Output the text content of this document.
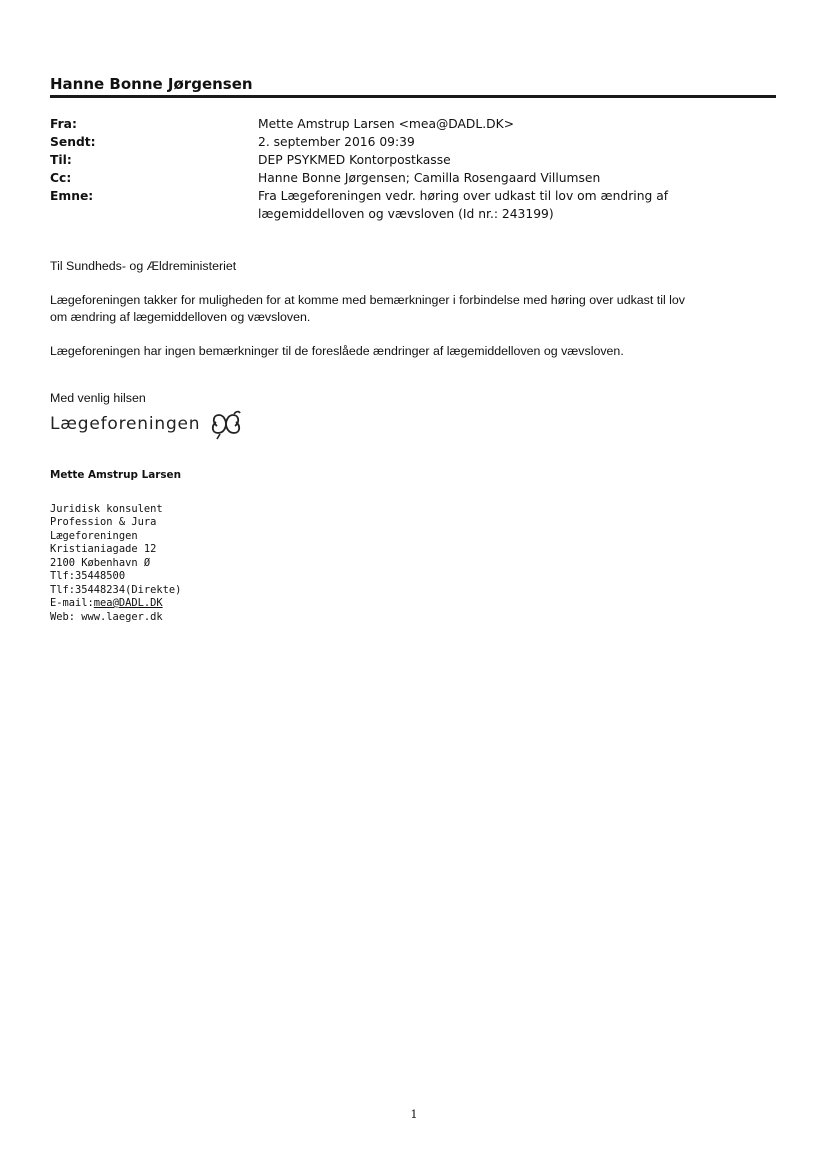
Hanne Bonne Jørgensen
Fra:	Mette Amstrup Larsen <mea@DADL.DK>
Sendt:	2. september 2016 09:39
Til:	DEP PSYKMED Kontorpostkasse
Cc:	Hanne Bonne Jørgensen; Camilla Rosengaard Villumsen
Emne:	Fra Lægeforeningen vedr. høring over udkast til lov om ændring af
lægemiddelloven og vævsloven (Id nr.: 243199)

Til Sundheds- og Ældreministeriet

Lægeforeningen takker for muligheden for at komme med bemærkninger i forbindelse med høring over udkast til lov

om ændring af lægemiddelloven og vævsloven.

Lægeforeningen har ingen bemærkninger til de foreslåede ændringer af lægemiddelloven og vævsloven.

Med venlig hilsen

Lægeforeningen
Mette Amstrup Larsen
Juridisk konsulent
Profession & Jura
Lægeforeningen
Kristianiagade 12
2100 København Ø
Tlf:35448500
Tlf:35448234(Direkte)
E-mail:mea@DADL.DK
Web: www.laeger.dk
1
